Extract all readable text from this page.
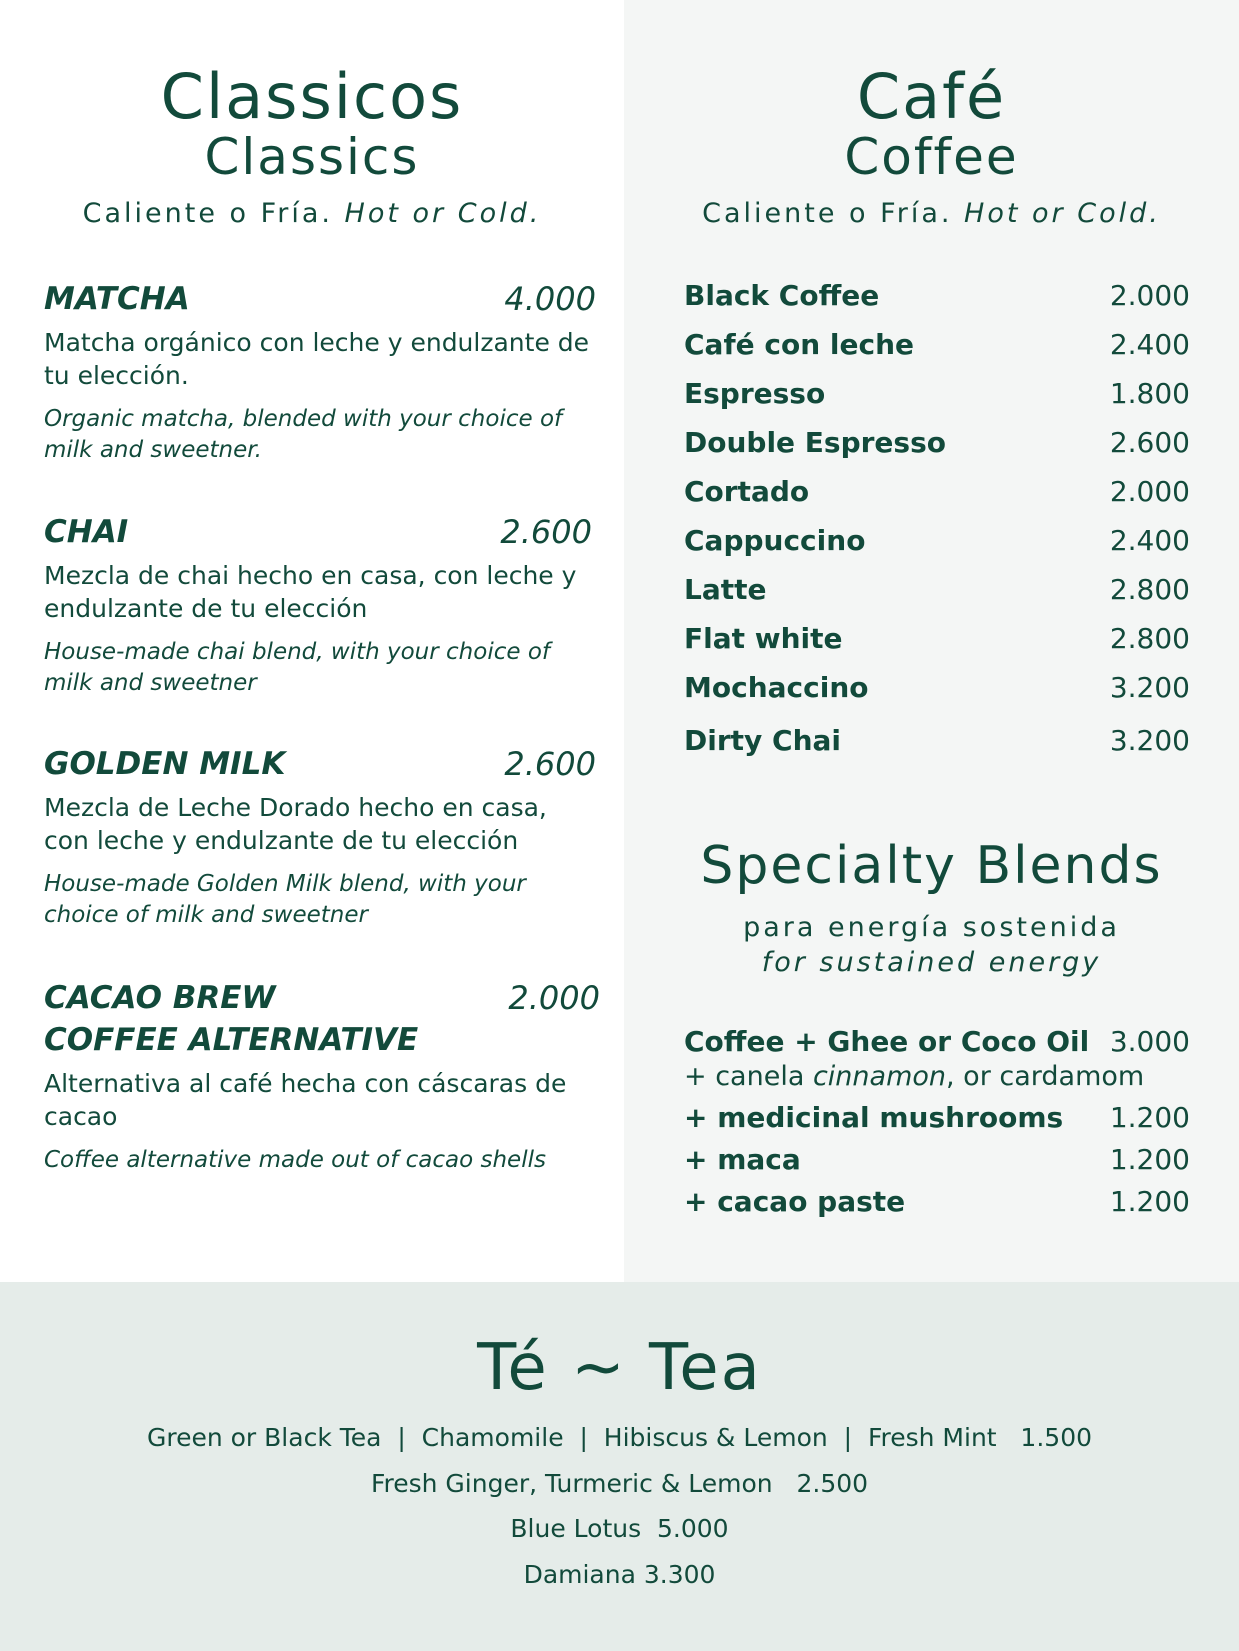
Classicos
Classics
Caliente o Fría. Hot or Cold.
MATCHA	4.000
Matcha orgánico con leche y endulzante de tu elección.
Organic matcha, blended with your choice of milk and sweetner.
CHAI	2.600
Mezcla de chai hecho en casa, con leche y endulzante de tu elección
House-made chai blend, with your choice of milk and sweetner
GOLDEN MILK	2.600
Mezcla de Leche Dorado hecho en casa, con leche y endulzante de tu elección
House-made Golden Milk blend, with your choice of milk and sweetner
CACAO BREW	2.000
COFFEE ALTERNATIVE
Alternativa al café hecha con cáscaras de cacao
Coffee alternative made out of cacao shells
Café
Coffee
Caliente o Fría. Hot or Cold.
Black Coffee	2.000
Café con leche	2.400
Espresso	1.800
Double Espresso	2.600
Cortado	2.000
Cappuccino	2.400
Latte	2.800
Flat white	2.800
Mochaccino	3.200
Dirty Chai	3.200
Specialty Blends
para energía sostenida
for sustained energy
Coffee + Ghee or Coco Oil 3.000
+ canela cinnamon, or cardamom
+ medicinal mushrooms 1.200
+ maca	1.200
+ cacao paste	1.200
Té ~ Tea
Green or Black Tea  |  Chamomile  |  Hibiscus & Lemon  |  Fresh Mint   1.500
Fresh Ginger, Turmeric & Lemon   2.500
Blue Lotus  5.000
Damiana 3.300
